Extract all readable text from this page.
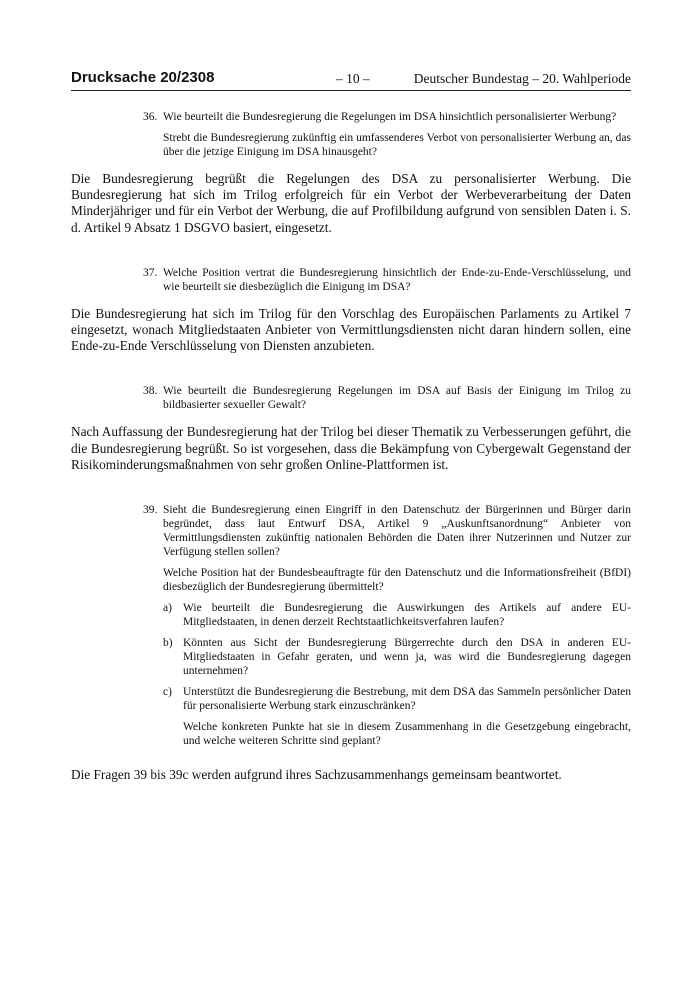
Drucksache 20/2308	– 10 –	Deutscher Bundestag – 20. Wahlperiode
36. Wie beurteilt die Bundesregierung die Regelungen im DSA hinsichtlich personalisierter Werbung?

Strebt die Bundesregierung zukünftig ein umfassenderes Verbot von personalisierter Werbung an, das über die jetzige Einigung im DSA hinausgeht?

Die Bundesregierung begrüßt die Regelungen des DSA zu personalisierter Werbung. Die Bundesregierung hat sich im Trilog erfolgreich für ein Verbot der Werbeverarbeitung der Daten Minderjähriger und für ein Verbot der Werbung, die auf Profilbildung aufgrund von sensiblen Daten i. S. d. Artikel 9 Absatz 1 DSGVO basiert, eingesetzt.

37. Welche Position vertrat die Bundesregierung hinsichtlich der Ende-zu-Ende-Verschlüsselung, und wie beurteilt sie diesbezüglich die Einigung im DSA?

Die Bundesregierung hat sich im Trilog für den Vorschlag des Europäischen Parlaments zu Artikel 7 eingesetzt, wonach Mitgliedstaaten Anbieter von Vermittlungsdiensten nicht daran hindern sollen, eine Ende-zu-Ende Verschlüsselung von Diensten anzubieten.

38. Wie beurteilt die Bundesregierung Regelungen im DSA auf Basis der Einigung im Trilog zu bildbasierter sexueller Gewalt?

Nach Auffassung der Bundesregierung hat der Trilog bei dieser Thematik zu Verbesserungen geführt, die die Bundesregierung begrüßt. So ist vorgesehen, dass die Bekämpfung von Cybergewalt Gegenstand der Risikominderungsmaßnahmen von sehr großen Online-Plattformen ist.

39. Sieht die Bundesregierung einen Eingriff in den Datenschutz der Bürgerinnen und Bürger darin begründet, dass laut Entwurf DSA, Artikel 9 „Auskunftsanordnung“ Anbieter von Vermittlungsdiensten zukünftig nationalen Behörden die Daten ihrer Nutzerinnen und Nutzer zur Verfügung stellen sollen?

Welche Position hat der Bundesbeauftragte für den Datenschutz und die Informationsfreiheit (BfDI) diesbezüglich der Bundesregierung übermittelt?

a) Wie beurteilt die Bundesregierung die Auswirkungen des Artikels auf andere EU-Mitgliedstaaten, in denen derzeit Rechtstaatlichkeitsverfahren laufen?

b) Könnten aus Sicht der Bundesregierung Bürgerrechte durch den DSA in anderen EU-Mitgliedstaaten in Gefahr geraten, und wenn ja, was wird die Bundesregierung dagegen unternehmen?

c) Unterstützt die Bundesregierung die Bestrebung, mit dem DSA das Sammeln persönlicher Daten für personalisierte Werbung stark einzuschränken?

Welche konkreten Punkte hat sie in diesem Zusammenhang in die Gesetzgebung eingebracht, und welche weiteren Schritte sind geplant?

Die Fragen 39 bis 39c werden aufgrund ihres Sachzusammenhangs gemeinsam beantwortet.
